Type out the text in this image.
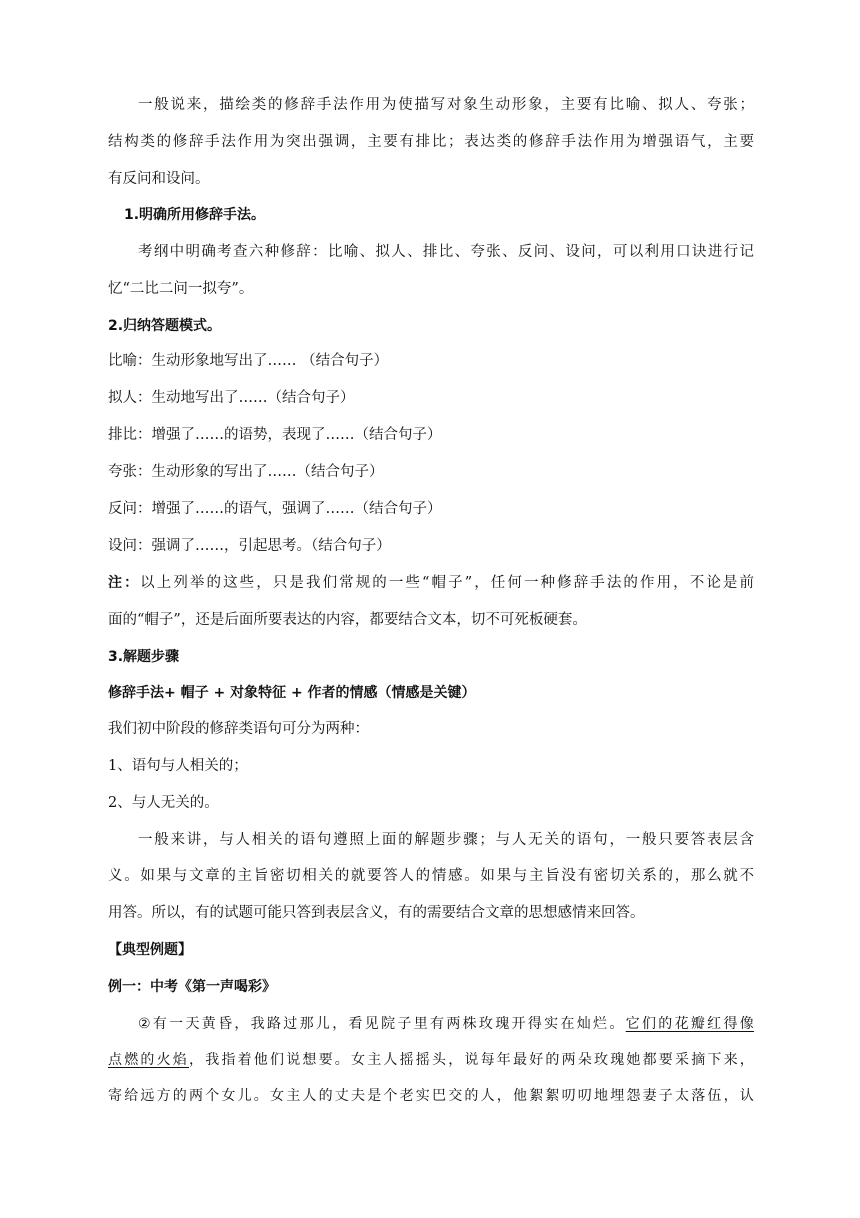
一般说来，描绘类的修辞手法作用为使描写对象生动形象，主要有比喻、拟人、夸张；
结构类的修辞手法作用为突出强调，主要有排比；表达类的修辞手法作用为增强语气，主要
有反问和设问。
1.明确所用修辞手法。
考纲中明确考查六种修辞：比喻、拟人、排比、夸张、反问、设问，可以利用口诀进行记
忆“二比二问一拟夸”。
2.归纳答题模式。
比喻：生动形象地写出了…… （结合句子）
拟人：生动地写出了……（结合句子）
排比：增强了……的语势，表现了……（结合句子）
夸张：生动形象的写出了……（结合句子）
反问：增强了……的语气，强调了……（结合句子）
设问：强调了……，引起思考。（结合句子）
注：以上列举的这些，只是我们常规的一些“帽子”，任何一种修辞手法的作用，不论是前
面的“帽子”，还是后面所要表达的内容，都要结合文本，切不可死板硬套。
3.解题步骤
修辞手法+ 帽子 + 对象特征 + 作者的情感（情感是关键）
我们初中阶段的修辞类语句可分为两种：
1、语句与人相关的；
2、与人无关的。
一般来讲，与人相关的语句遵照上面的解题步骤；与人无关的语句，一般只要答表层含
义。如果与文章的主旨密切相关的就要答人的情感。如果与主旨没有密切关系的，那么就不
用答。所以，有的试题可能只答到表层含义，有的需要结合文章的思想感情来回答。
【典型例题】
例一：中考《第一声喝彩》
②有一天黄昏，我路过那儿，看见院子里有两株玫瑰开得实在灿烂。它们的花瓣红得像
点燃的火焰，我指着他们说想要。女主人摇摇头，说每年最好的两朵玫瑰她都要采摘下来，
寄给远方的两个女儿。女主人的丈夫是个老实巴交的人，他絮絮叨叨地埋怨妻子太落伍，认
